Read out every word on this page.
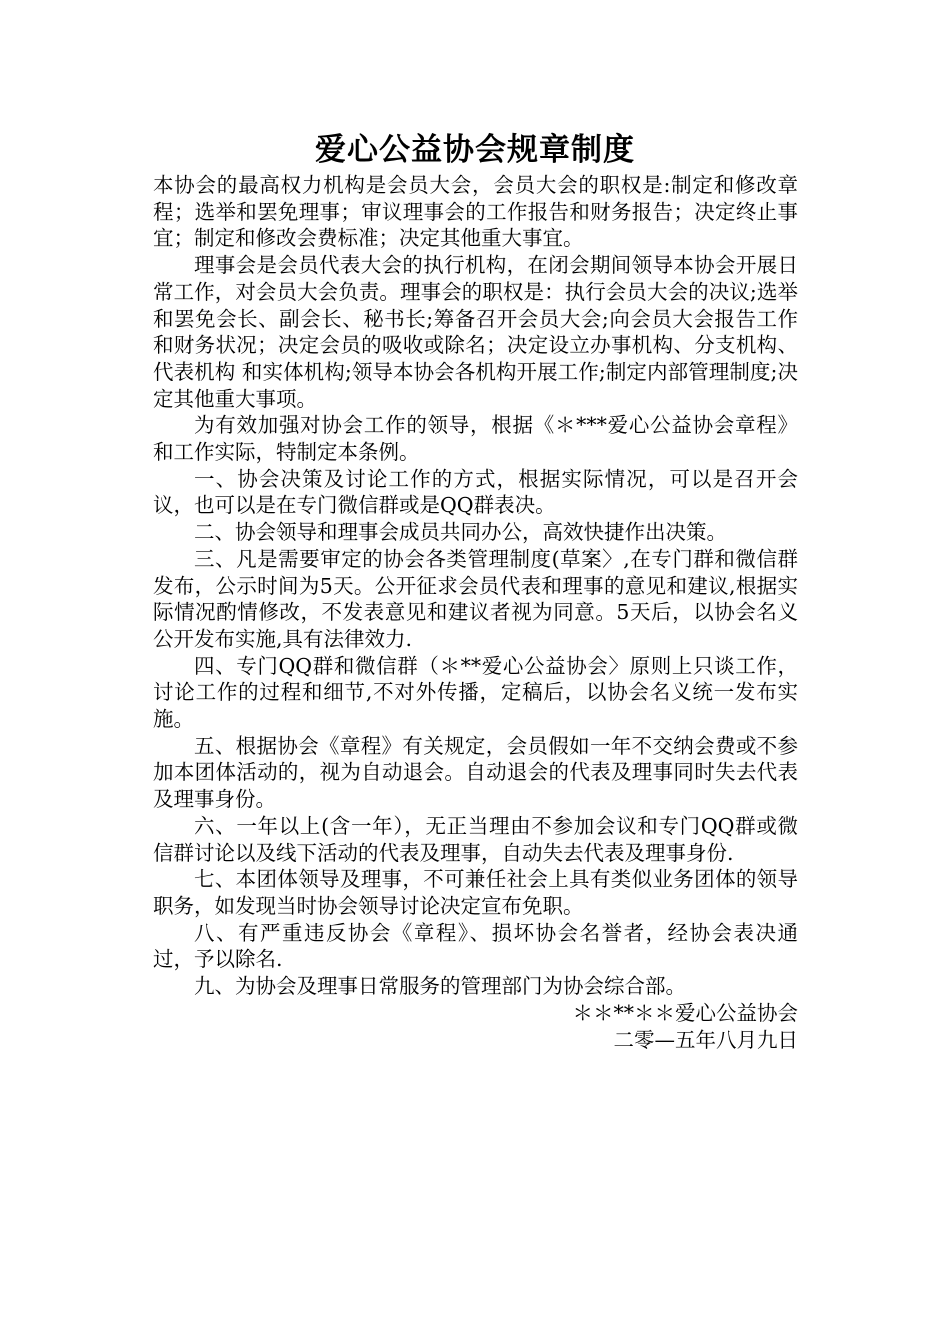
爱心公益协会规章制度

本协会的最高权力机构是会员大会，会员大会的职权是:制定和修改章程；选举和罢免理事；审议理事会的工作报告和财务报告；决定终止事宜；制定和修改会费标准；决定其他重大事宜。

理事会是会员代表大会的执行机构，在闭会期间领导本协会开展日常工作，对会员大会负责。理事会的职权是：执行会员大会的决议;选举和罢免会长、副会长、秘书长;筹备召开会员大会;向会员大会报告工作和财务状况；决定会员的吸收或除名；决定设立办事机构、分支机构、代表机构 和实体机构;领导本协会各机构开展工作;制定内部管理制度;决定其他重大事项。

为有效加强对协会工作的领导，根据《＊***爱心公益协会章程》和工作实际，特制定本条例。

一、协会决策及讨论工作的方式，根据实际情况，可以是召开会议，也可以是在专门微信群或是QQ群表决。

二、协会领导和理事会成员共同办公，高效快捷作出决策。

三、凡是需要审定的协会各类管理制度(草案〉,在专门群和微信群发布，公示时间为5天。公开征求会员代表和理事的意见和建议,根据实际情况酌情修改，不发表意见和建议者视为同意。5天后，以协会名义公开发布实施,具有法律效力.

四、专门QQ群和微信群（＊**爱心公益协会〉原则上只谈工作，讨论工作的过程和细节,不对外传播，定稿后，以协会名义统一发布实施。

五、根据协会《章程》有关规定，会员假如一年不交纳会费或不参加本团体活动的，视为自动退会。自动退会的代表及理事同时失去代表及理事身份。

六、一年以上(含一年），无正当理由不参加会议和专门QQ群或微信群讨论以及线下活动的代表及理事，自动失去代表及理事身份.

七、本团体领导及理事，不可兼任社会上具有类似业务团体的领导职务，如发现当时协会领导讨论决定宣布免职。

八、有严重违反协会《章程》、损坏协会名誉者，经协会表决通过，予以除名.

九、为协会及理事日常服务的管理部门为协会综合部。

＊＊**＊＊爱心公益协会

二零—五年八月九日
